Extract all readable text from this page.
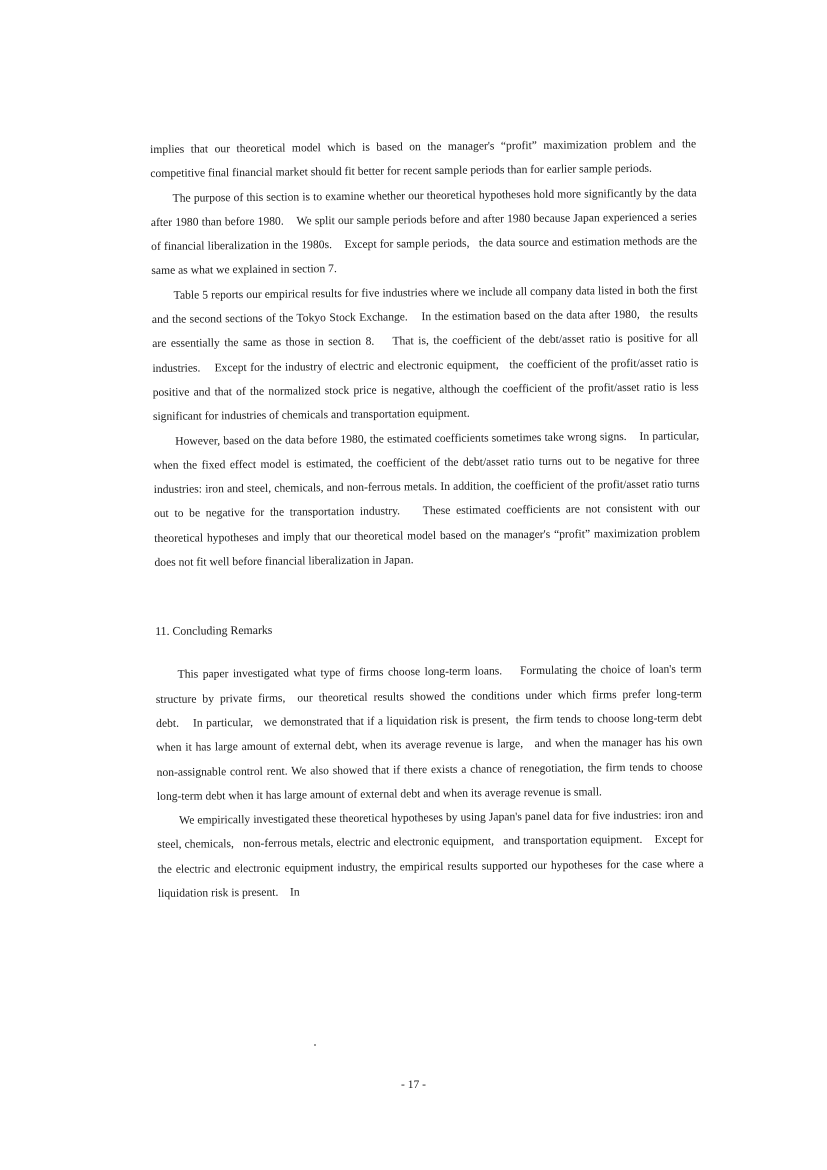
implies that our theoretical model which is based on the manager's “profit” maximization problem and the competitive final financial market should fit better for recent sample periods than for earlier sample periods.

The purpose of this section is to examine whether our theoretical hypotheses hold more significantly by the data after 1980 than before 1980.    We split our sample periods before and after 1980 because Japan experienced a series of financial liberalization in the 1980s.    Except for sample periods,   the data source and estimation methods are the same as what we explained in section 7.

Table 5 reports our empirical results for five industries where we include all company data listed in both the first and the second sections of the Tokyo Stock Exchange.    In the estimation based on the data after 1980,   the results are essentially the same as those in section 8.    That is, the coefficient of the debt/asset ratio is positive for all industries.    Except for the industry of electric and electronic equipment,   the coefficient of the profit/asset ratio is positive and that of the normalized stock price is negative, although the coefficient of the profit/asset ratio is less significant for industries of chemicals and transportation equipment.

However, based on the data before 1980, the estimated coefficients sometimes take wrong signs.    In particular, when the fixed effect model is estimated, the coefficient of the debt/asset ratio turns out to be negative for three industries: iron and steel, chemicals, and non-ferrous metals. In addition, the coefficient of the profit/asset ratio turns out to be negative for the transportation industry.    These estimated coefficients are not consistent with our theoretical hypotheses and imply that our theoretical model based on the manager's “profit” maximization problem does not fit well before financial liberalization in Japan.

11. Concluding Remarks

This paper investigated what type of firms choose long-term loans.    Formulating the choice of loan's term structure by private firms,  our theoretical results showed the conditions under which firms prefer long-term debt.    In particular,   we demonstrated that if a liquidation risk is present,  the firm tends to choose long-term debt when it has large amount of external debt, when its average revenue is large,   and when the manager has his own non-assignable control rent. We also showed that if there exists a chance of renegotiation, the firm tends to choose long-term debt when it has large amount of external debt and when its average revenue is small.

We empirically investigated these theoretical hypotheses by using Japan's panel data for five industries: iron and steel, chemicals,   non-ferrous metals, electric and electronic equipment,   and transportation equipment.    Except for the electric and electronic equipment industry, the empirical results supported our hypotheses for the case where a liquidation risk is present.    In

- 17 -
